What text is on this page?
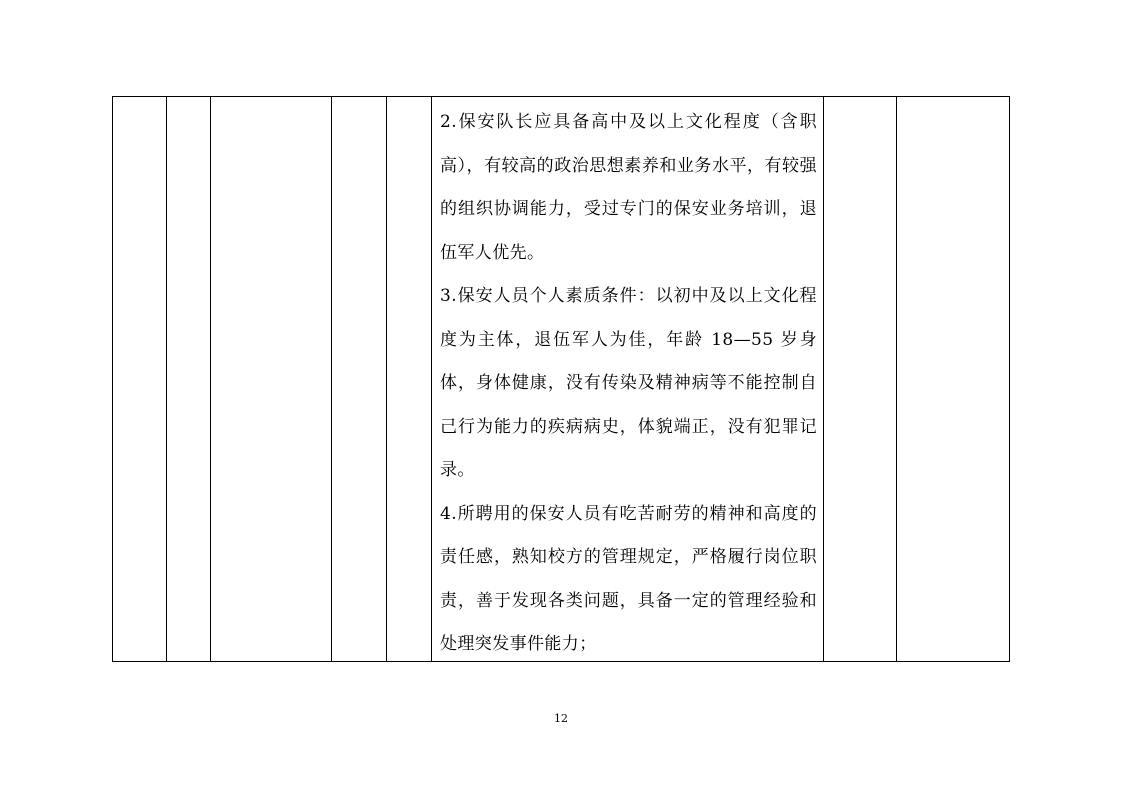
2.保安队长应具备高中及以上文化程度（含职高），有较高的政治思想素养和业务水平，有较强的组织协调能力，受过专门的保安业务培训，退伍军人优先。

3.保安人员个人素质条件：以初中及以上文化程度为主体，退伍军人为佳，年龄 18—55 岁身体，身体健康，没有传染及精神病等不能控制自己行为能力的疾病病史，体貌端正，没有犯罪记录。

4.所聘用的保安人员有吃苦耐劳的精神和高度的责任感，熟知校方的管理规定，严格履行岗位职责，善于发现各类问题，具备一定的管理经验和处理突发事件能力；

12
